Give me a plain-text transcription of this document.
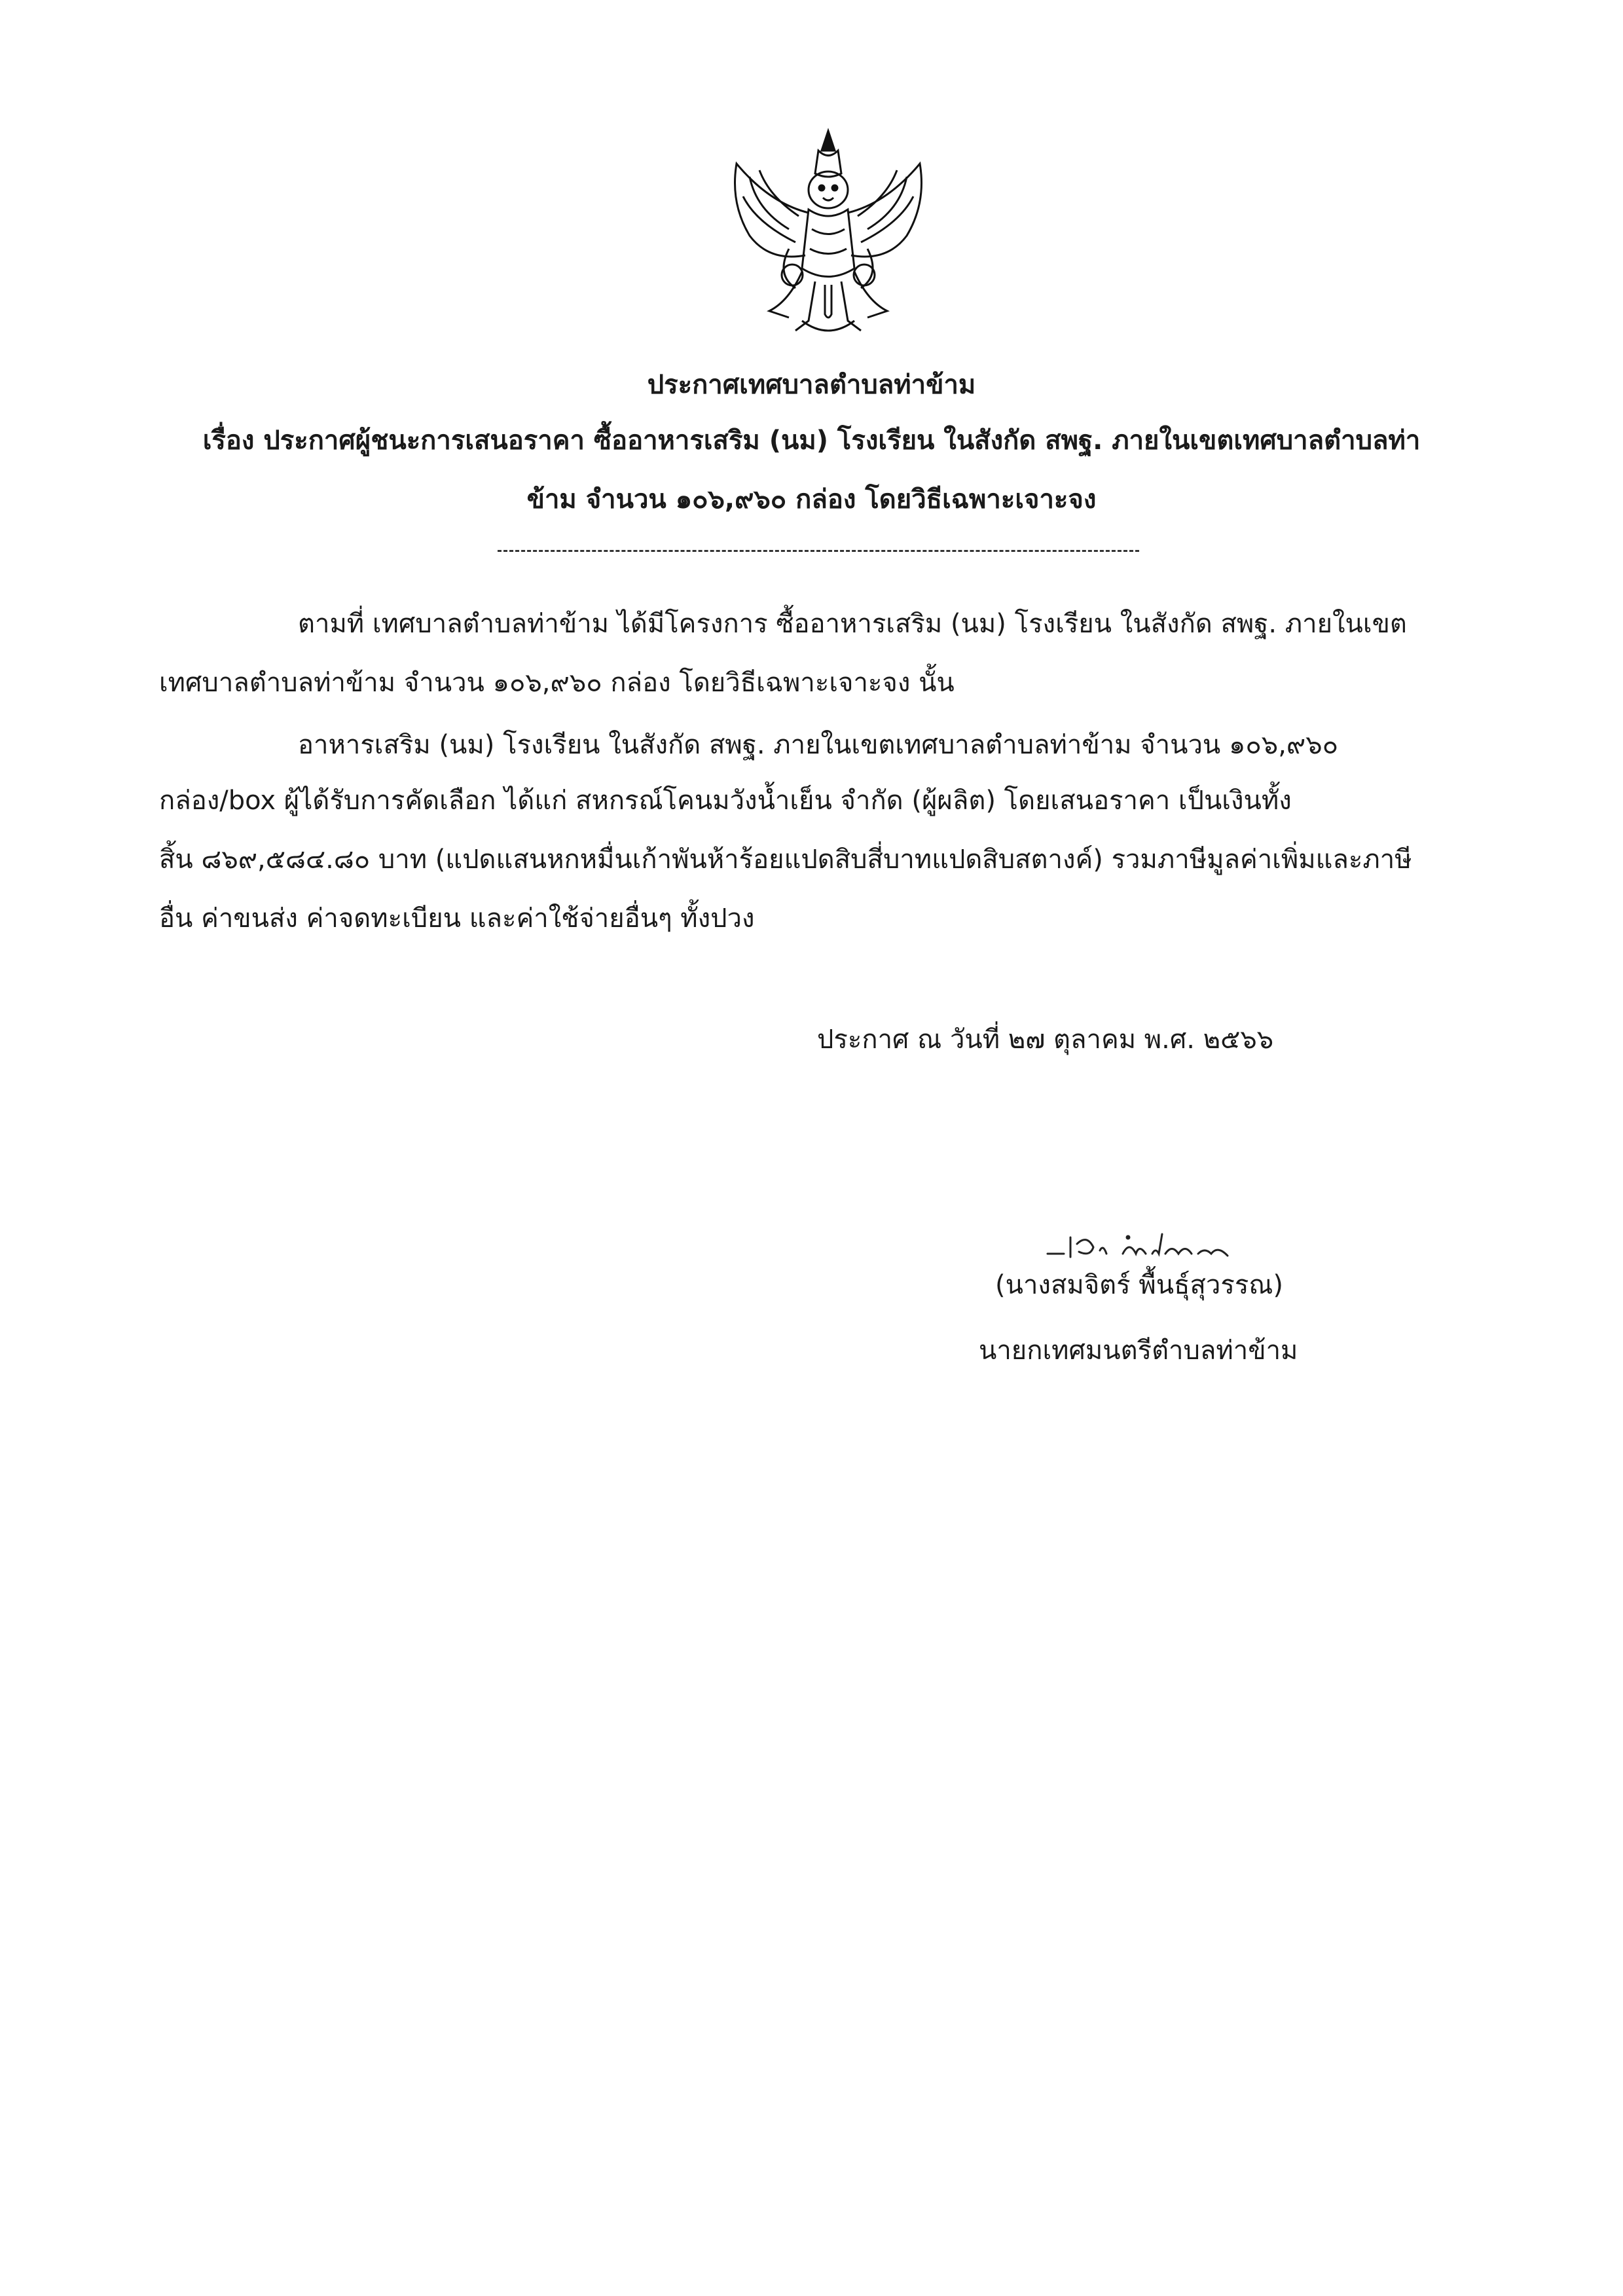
ประกาศเทศบาลตำบลท่าข้าม
เรื่อง ประกาศผู้ชนะการเสนอราคา ซื้ออาหารเสริม (นม) โรงเรียน ในสังกัด สพฐ. ภายในเขตเทศบาลตำบลท่า
ข้าม จำนวน ๑๐๖,๙๖๐ กล่อง โดยวิธีเฉพาะเจาะจง
ตามที่ เทศบาลตำบลท่าข้าม ได้มีโครงการ ซื้ออาหารเสริม (นม) โรงเรียน ในสังกัด สพฐ. ภายในเขต
เทศบาลตำบลท่าข้าม จำนวน ๑๐๖,๙๖๐ กล่อง โดยวิธีเฉพาะเจาะจง นั้น
อาหารเสริม (นม) โรงเรียน ในสังกัด สพฐ. ภายในเขตเทศบาลตำบลท่าข้าม จำนวน ๑๐๖,๙๖๐
กล่อง/box ผู้ได้รับการคัดเลือก ได้แก่ สหกรณ์โคนมวังน้ำเย็น จำกัด (ผู้ผลิต) โดยเสนอราคา เป็นเงินทั้ง
สิ้น ๘๖๙,๕๘๔.๘๐ บาท (แปดแสนหกหมื่นเก้าพันห้าร้อยแปดสิบสี่บาทแปดสิบสตางค์) รวมภาษีมูลค่าเพิ่มและภาษี
อื่น ค่าขนส่ง ค่าจดทะเบียน และค่าใช้จ่ายอื่นๆ ทั้งปวง
ประกาศ ณ วันที่ ๒๗ ตุลาคม พ.ศ. ๒๕๖๖
(นางสมจิตร์ พื้นธุ์สุวรรณ)
นายกเทศมนตรีตำบลท่าข้าม
